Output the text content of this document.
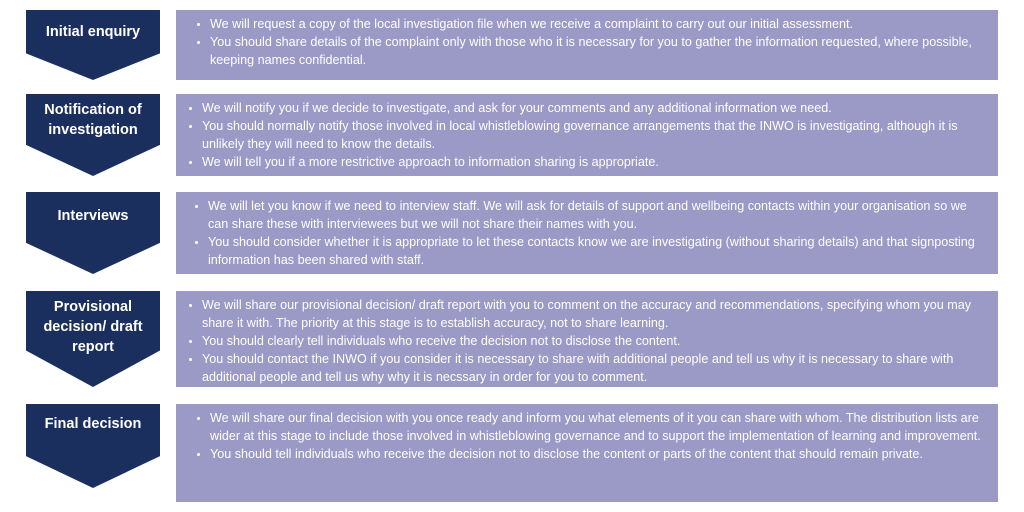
Initial enquiry	• We will request a copy of the local investigation file when we receive a complaint to carry out our initial assessment.
• You should share details of the complaint only with those who it is necessary for you to gather the information requested, where possible, keeping names confidential.
Notification of investigation
• We will notify you if we decide to investigate, and ask for your comments and any additional information we need.
• You should normally notify those involved in local whistleblowing governance arrangements that the INWO is investigating, although it is unlikely they will need to know the details.
• We will tell you if a more restrictive approach to information sharing is appropriate.
Interviews
• We will let you know if we need to interview staff. We will ask for details of support and wellbeing contacts within your organisation so we can share these with interviewees but we will not share their names with you.
• You should consider whether it is appropriate to let these contacts know we are investigating (without sharing details) and that signposting information has been shared with staff.
Provisional decision/ draft report
• We will share our provisional decision/ draft report with you to comment on the accuracy and recommendations, specifying whom you may share it with. The priority at this stage is to establish accuracy, not to share learning.
• You should clearly tell individuals who receive the decision not to disclose the content.
• You should contact the INWO if you consider it is necessary to share with additional people and tell us why it is necessary to share with additional people and tell us why why it is necssary in order for you to comment.
Final decision	• We will share our final decision with you once ready and inform you what elements of it you can share with whom. The distribution lists are wider at this stage to include those involved in whistleblowing governance and to support the implementation of learning and improvement.
• You should tell individuals who receive the decision not to disclose the content or parts of the content that should remain private.
